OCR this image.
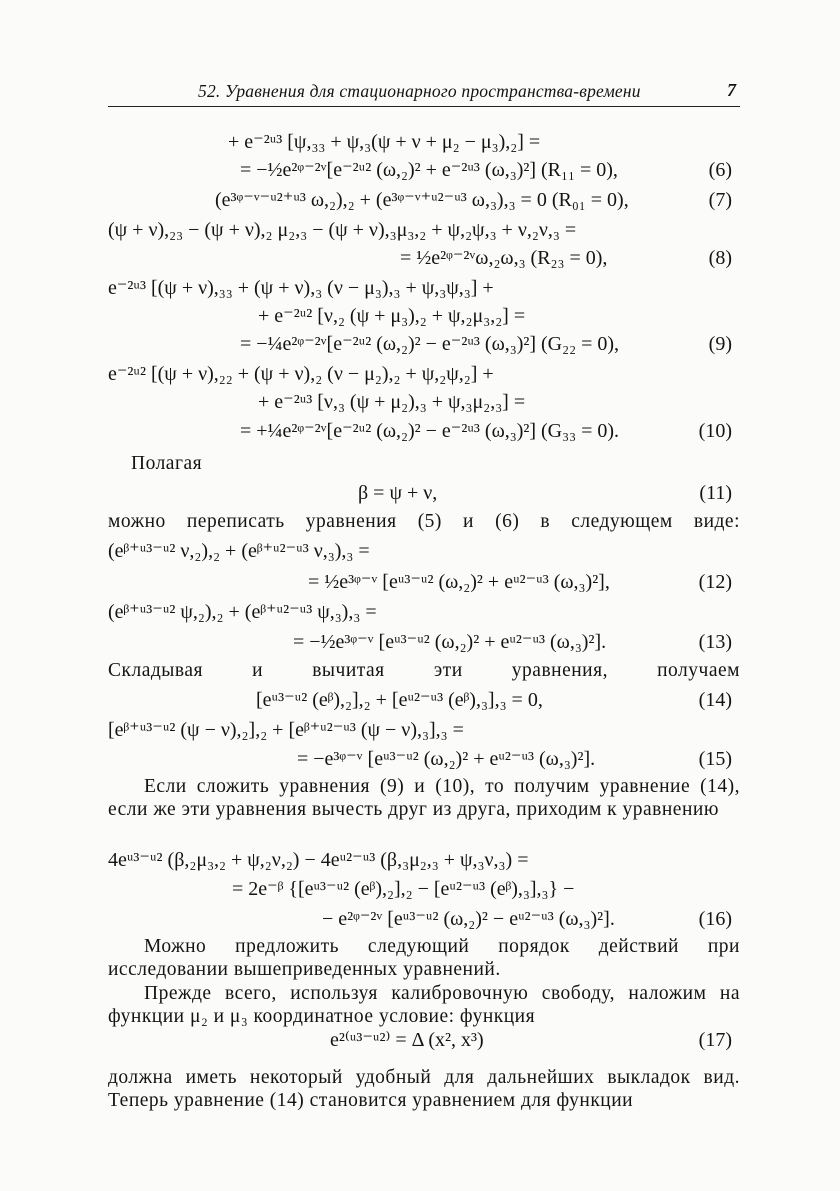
52. Уравнения для стационарного пространства-времени	7
+ e⁻²ᵘ³ [ψ,₃₃ + ψ,₃(ψ + ν + μ₂ − μ₃),₂] =
= −½e²ᵠ⁻²ᵛ[e⁻²ᵘ² (ω,₂)² + e⁻²ᵘ³ (ω,₃)²] (R₁₁ = 0),
(e³ᵠ⁻ᵛ⁻ᵘ²⁺ᵘ³ ω,₂),₂ + (e³ᵠ⁻ᵛ⁺ᵘ²⁻ᵘ³ ω,₃),₃ = 0 (R₀₁ = 0),
(ψ + ν),₂₃ − (ψ + ν),₂ μ₂,₃ − (ψ + ν),₃μ₃,₂ + ψ,₂ψ,₃ + ν,₂ν,₃ =
= ½e²ᵠ⁻²ᵛω,₂ω,₃ (R₂₃ = 0),
e⁻²ᵘ³ [(ψ + ν),₃₃ + (ψ + ν),₃ (ν − μ₃),₃ + ψ,₃ψ,₃] +
+ e⁻²ᵘ² [ν,₂ (ψ + μ₃),₂ + ψ,₂μ₃,₂] =
= −¼e²ᵠ⁻²ᵛ[e⁻²ᵘ² (ω,₂)² − e⁻²ᵘ³ (ω,₃)²] (G₂₂ = 0),
e⁻²ᵘ² [(ψ + ν),₂₂ + (ψ + ν),₂ (ν − μ₂),₂ + ψ,₂ψ,₂] +
+ e⁻²ᵘ³ [ν,₃ (ψ + μ₂),₃ + ψ,₃μ₂,₃] =
= +¼e²ᵠ⁻²ᵛ[e⁻²ᵘ² (ω,₂)² − e⁻²ᵘ³ (ω,₃)²] (G₃₃ = 0).
β = ψ + ν,
(eᵝ⁺ᵘ³⁻ᵘ² ν,₂),₂ + (eᵝ⁺ᵘ²⁻ᵘ³ ν,₃),₃ =
= ½e³ᵠ⁻ᵛ [eᵘ³⁻ᵘ² (ω,₂)² + eᵘ²⁻ᵘ³ (ω,₃)²],
(eᵝ⁺ᵘ³⁻ᵘ² ψ,₂),₂ + (eᵝ⁺ᵘ²⁻ᵘ³ ψ,₃),₃ =
= −½e³ᵠ⁻ᵛ [eᵘ³⁻ᵘ² (ω,₂)² + eᵘ²⁻ᵘ³ (ω,₃)²].
[eᵘ³⁻ᵘ² (eᵝ),₂],₂ + [eᵘ²⁻ᵘ³ (eᵝ),₃],₃ = 0,
[eᵝ⁺ᵘ³⁻ᵘ² (ψ − ν),₂],₂ + [eᵝ⁺ᵘ²⁻ᵘ³ (ψ − ν),₃],₃ =
= −e³ᵠ⁻ᵛ [eᵘ³⁻ᵘ² (ω,₂)² + eᵘ²⁻ᵘ³ (ω,₃)²].
4eᵘ³⁻ᵘ² (β,₂μ₃,₂ + ψ,₂ν,₂) − 4eᵘ²⁻ᵘ³ (β,₃μ₂,₃ + ψ,₃ν,₃) =
= 2e⁻ᵝ {[eᵘ³⁻ᵘ² (eᵝ),₂],₂ − [eᵘ²⁻ᵘ³ (eᵝ),₃],₃} −
− e²ᵠ⁻²ᵛ [eᵘ³⁻ᵘ² (ω,₂)² − eᵘ²⁻ᵘ³ (ω,₃)²].
e²⁽ᵘ³⁻ᵘ²⁾ = Δ (x², x³)
(6)
(7)
(8)
(9)
(10)
(11)
(12)
(13)
(14)
(15)
(16)
(17)
Полагая
можно переписать уравнения (5) и (6) в следующем виде:
Складывая и вычитая эти уравнения, получаем
Если сложить уравнения (9) и (10), то получим уравнение (14), если же эти уравнения вычесть друг из друга, приходим к уравнению
Можно предложить следующий порядок действий при исследовании вышеприведенных уравнений.
Прежде всего, используя калибровочную свободу, наложим на функции μ₂ и μ₃ координатное условие: функция
должна иметь некоторый удобный для дальнейших выкладок вид. Теперь уравнение (14) становится уравнением для функции
